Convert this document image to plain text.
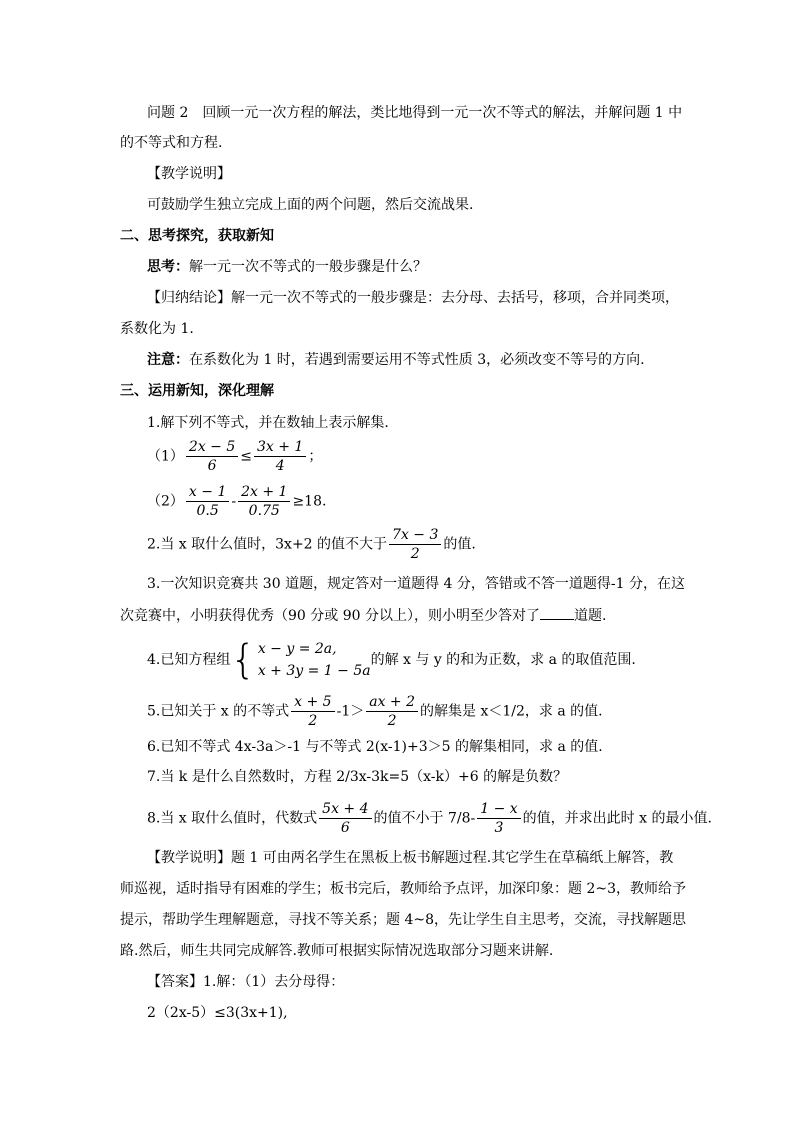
问题 2　回顾一元一次方程的解法，类比地得到一元一次不等式的解法，并解问题 1 中
的不等式和方程.
【教学说明】
可鼓励学生独立完成上面的两个问题，然后交流战果.
二、思考探究，获取新知
思考：解一元一次不等式的一般步骤是什么？
【归纳结论】解一元一次不等式的一般步骤是：去分母、去括号，移项，合并同类项，
系数化为 1.
注意：在系数化为 1 时，若遇到需要运用不等式性质 3，必须改变不等号的方向.
三、运用新知，深化理解
1.解下列不等式，并在数轴上表示解集.
$(1) \frac{2x - 5}{6} \le \frac{3x + 1}{4}$ ；
$(2) \frac{x - 1}{0.5} - \frac{2x + 1}{0.75} \ge 18$.
2.当 x 取什么值时，3x+2 的值不大于 $\frac{7x - 3}{2}$ 的值.
3.一次知识竞赛共 30 道题，规定答对一道题得 4 分，答错或不答一道题得-1 分，在这
次竞赛中，小明获得优秀（90 分或 90 分以上），则小明至少答对了 道题.
4.已知方程组{ x − y = 2a,
x + 3y = 1 − 5a
的解 x 与 y 的和为正数，求 a 的取值范围.
5.已知关于 x 的不等式 $\frac{x + 5}{2} -1> \frac{ax + 2}{2}$ 的解集是 x＜1/2，求 a 的值.
6.已知不等式 4x-3a＞-1 与不等式 2(x-1)+3＞5 的解集相同，求 a 的值.
7.当 k 是什么自然数时，方程 2/3x-3k=5（x-k）+6 的解是负数？
8.当 x 取什么值时，代数式 $\frac{5x + 4}{6}$ 的值不小于 $7/8- \frac{1 - x}{3}$ 的值，并求出此时 x 的最小值.
【教学说明】题 1 可由两名学生在黑板上板书解题过程.其它学生在草稿纸上解答，教
师巡视，适时指导有困难的学生；板书完后，教师给予点评，加深印象：题 2~3，教师给予
提示，帮助学生理解题意，寻找不等关系；题 4~8，先让学生自主思考，交流，寻找解题思
路.然后，师生共同完成解答.教师可根据实际情况选取部分习题来讲解.
【答案】1.解：（1）去分母得：
2（2x-5）≤3(3x+1),
